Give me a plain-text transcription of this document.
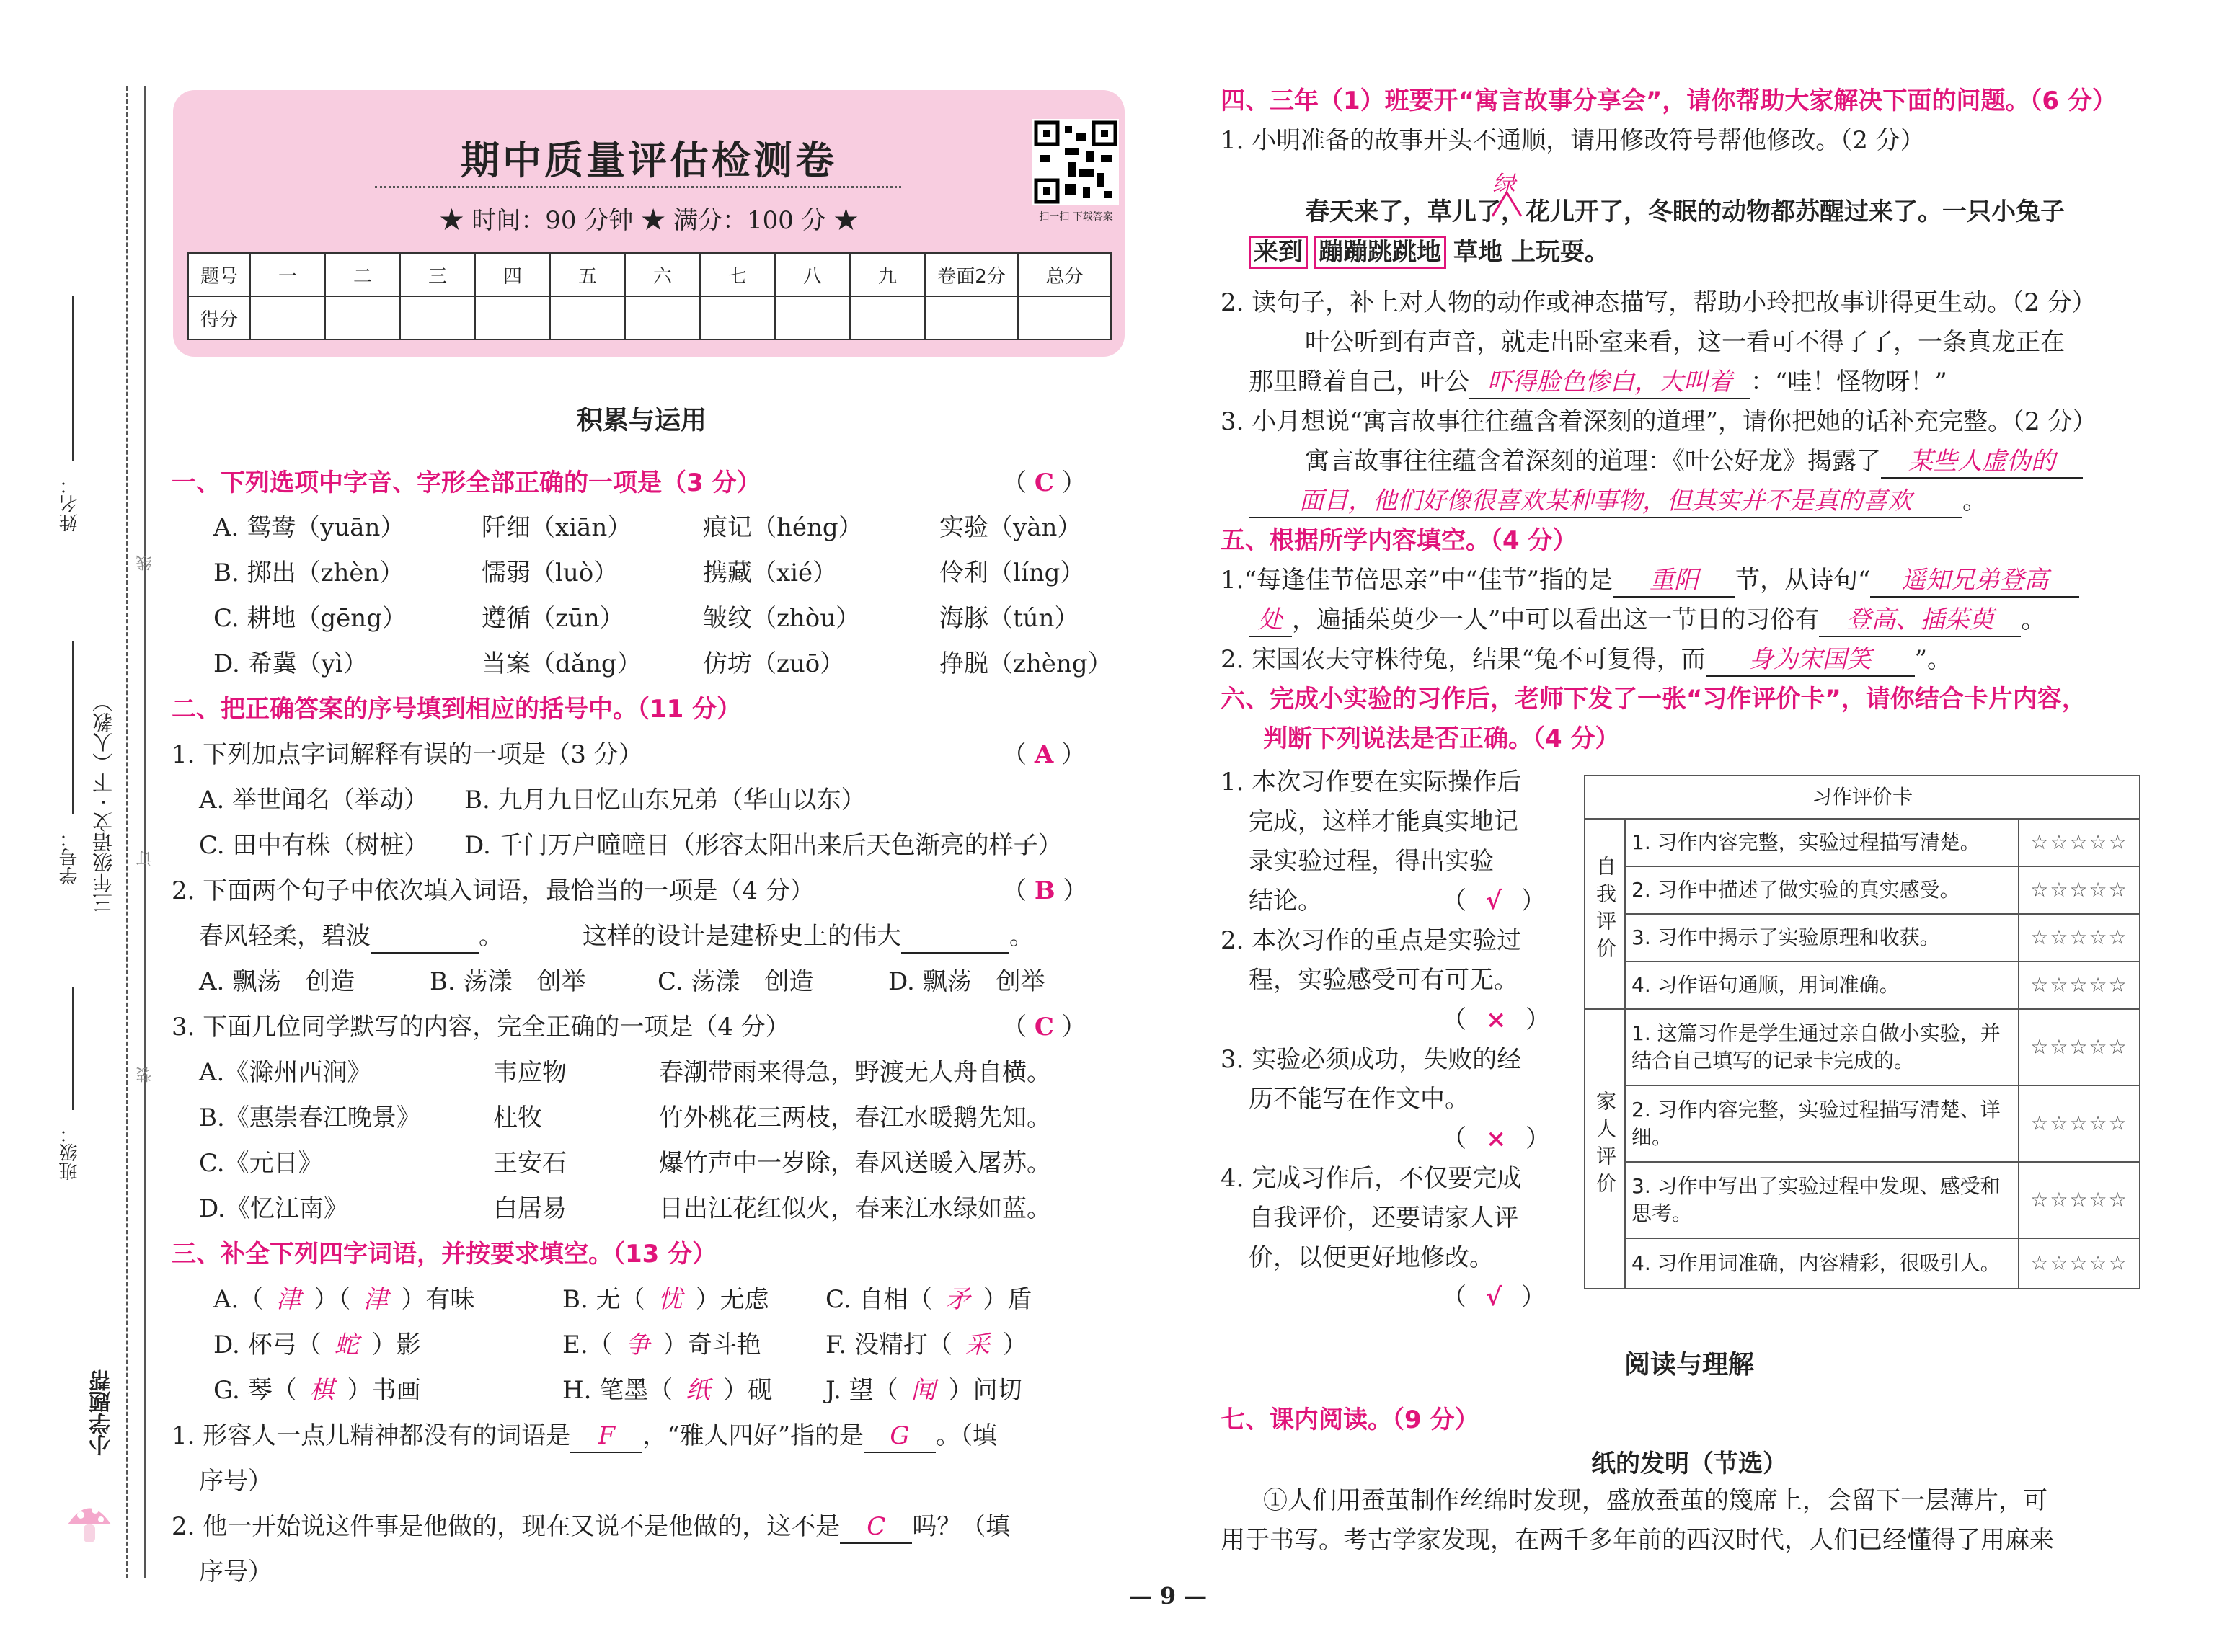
姓名：
学号： 三年级语文 · 下（人教）
班级：
线
订
装
小学题帮
期中质量评估检测卷
★ 时间：90 分钟 ★ 满分：100 分 ★	扫一扫 下载答案
题号	一	二	三	四	五	六	七	八	九	卷面2分	总分
得分											
积累与运用
一、下列选项中字音、字形全部正确的一项是（3 分）	（ C ）
A. 鸳鸯（yuān）	阡细（xiān）	痕记（héng）	实验（yàn）
B. 掷出（zhèn）	懦弱（luò）	携藏（xié）	伶利（líng）
C. 耕地（gēng）	遵循（zūn）	皱纹（zhòu）	海豚（tún）
D. 希冀（yì）	当案（dǎng）	仿坊（zuō）	挣脱（zhèng）
二、把正确答案的序号填到相应的括号中。（11 分）
1. 下列加点字词解释有误的一项是（3 分）	（ A ）
A. 举世闻名（举动） B. 九月九日忆山东兄弟（华山以东）
C. 田中有株（树桩） D. 千门万户曈曈日（形容太阳出来后天色渐亮的样子）
2. 下面两个句子中依次填入词语，最恰当的一项是（4 分）	（ B ）
春风轻柔，碧波	。	这样的设计是建桥史上的伟大	。
A. 飘荡　创造	B. 荡漾　创举	C. 荡漾　创造	D. 飘荡　创举
3. 下面几位同学默写的内容，完全正确的一项是（4 分）	（ C ）
A.《滁州西涧》	韦应物	春潮带雨来得急，野渡无人舟自横。
B.《惠崇春江晚景》	杜牧	竹外桃花三两枝，春江水暖鹅先知。
C.《元日》	王安石	爆竹声中一岁除，春风送暖入屠苏。
D.《忆江南》	白居易	日出江花红似火，春来江水绿如蓝。
三、补全下列四字词语，并按要求填空。（13 分）
A.（ 津 ）（ 津 ）有味	B. 无（ 忧 ）无虑 C. 自相（ 矛 ）盾
D. 杯弓（ 蛇 ）影	E.（ 争 ）奇斗艳	F. 没精打（ 采 ）
G. 琴（ 棋 ）书画	H. 笔墨（ 纸 ）砚 J. 望（ 闻 ）问切
1. 形容人一点儿精神都没有的词语是 F ，“雅人四好”指的是 G 。（填
序号）
2. 他一开始说这件事是他做的，现在又说不是他做的，这不是 C 吗？（填
序号）
四、三年（1）班要开“寓言故事分享会”，请你帮助大家解决下面的问题。（6 分）
1. 小明准备的故事开头不通顺，请用修改符号帮他修改。（2 分）
绿
春天来了，草儿了，花儿开了，冬眠的动物都苏醒过来了。一只小兔子
来到 蹦蹦跳跳地 草地 上玩耍。
2. 读句子，补上对人物的动作或神态描写，帮助小玲把故事讲得更生动。（2 分）
叶公听到有声音，就走出卧室来看，这一看可不得了了，一条真龙正在
那里瞪着自己，叶公 吓得脸色惨白，大叫着 ：“哇！怪物呀！”
3. 小月想说“寓言故事往往蕴含着深刻的道理”，请你把她的话补充完整。（2 分）
寓言故事往往蕴含着深刻的道理：《叶公好龙》揭露了 某些人虚伪的
面目，他们好像很喜欢某种事物，但其实并不是真的喜欢 。
五、根据所学内容填空。（4 分）
1.“每逢佳节倍思亲”中“佳节”指的是 重阳 节，从诗句“ 遥知兄弟登高
处 ，遍插茱萸少一人”中可以看出这一节日的习俗有 登高、插茱萸 。
2. 宋国农夫守株待兔，结果“兔不可复得，而 身为宋国笑 ”。
六、完成小实验的习作后，老师下发了一张“习作评价卡”，请你结合卡片内容，
判断下列说法是否正确。（4 分）
1. 本次习作要在实际操作后
完成，这样才能真实地记
录实验过程，得出实验
结论。	（ √ ）
2. 本次习作的重点是实验过
程，实验感受可有可无。
（ × ）
3. 实验必须成功，失败的经
历不能写在作文中。
（ × ）
4. 完成习作后，不仅要完成
自我评价，还要请家人评
价，以便更好地修改。
（ √ ）
习作评价卡		
自我评价	1. 习作内容完整，实验过程描写清楚。	☆☆☆☆☆
	2. 习作中描述了做实验的真实感受。	☆☆☆☆☆
	3. 习作中揭示了实验原理和收获。	☆☆☆☆☆
	4. 习作语句通顺，用词准确。	☆☆☆☆☆
家人评价	1. 这篇习作是学生通过亲自做小实验，并结合自己填写的记录卡完成的。	☆☆☆☆☆
	2. 习作内容完整，实验过程描写清楚、详细。	☆☆☆☆☆
	3. 习作中写出了实验过程中发现、感受和思考。	☆☆☆☆☆
	4. 习作用词准确，内容精彩，很吸引人。	☆☆☆☆☆
阅读与理解
七、课内阅读。（9 分）
纸的发明（节选）
①人们用蚕茧制作丝绵时发现，盛放蚕茧的篾席上，会留下一层薄片，可
用于书写。考古学家发现，在两千多年前的西汉时代，人们已经懂得了用麻来
— 9 —
